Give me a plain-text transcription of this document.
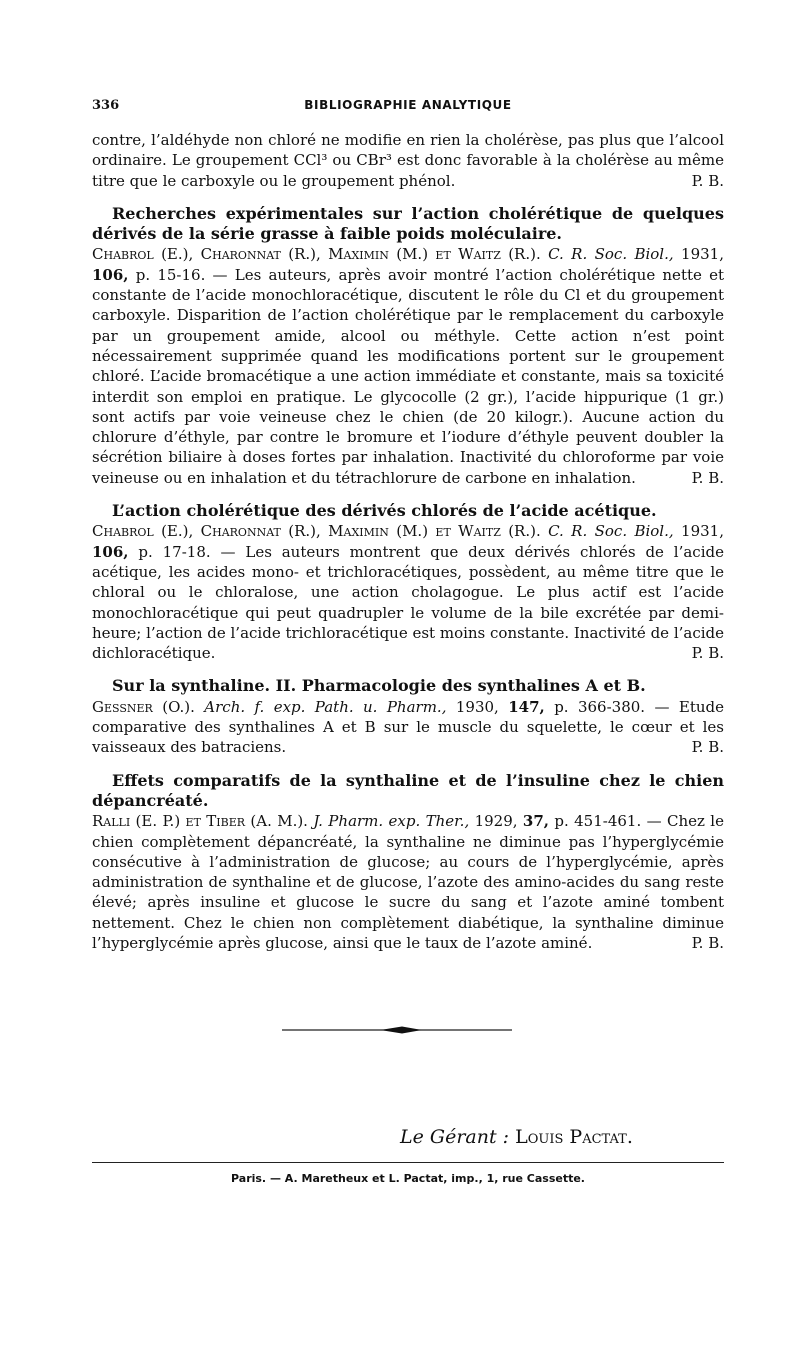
336	BIBLIOGRAPHIE ANALYTIQUE

contre, l’aldéhyde non chloré ne modifie en rien la cholérèse, pas plus que l’alcool ordinaire. Le groupement CCl³ ou CBr³ est donc favorable à la cholérèse au même titre que le carboxyle ou le groupement phénol.	P. B.

Recherches expérimentales sur l’action cholérétique de quelques dérivés de la série grasse à faible poids moléculaire.
Chabrol (E.), Charonnat (R.), Maximin (M.) et Waitz (R.). C. R. Soc. Biol., 1931, 106, p. 15-16. — Les auteurs, après avoir montré l’action cholérétique nette et constante de l’acide monochloracétique, discutent le rôle du Cl et du groupement carboxyle. Disparition de l’action cholérétique par le remplacement du carboxyle par un groupement amide, alcool ou méthyle. Cette action n’est point nécessairement supprimée quand les modifications portent sur le groupement chloré. L’acide bromacétique a une action immédiate et constante, mais sa toxicité interdit son emploi en pratique. Le glycocolle (2 gr.), l’acide hippurique (1 gr.) sont actifs par voie veineuse chez le chien (de 20 kilogr.). Aucune action du chlorure d’éthyle, par contre le bromure et l’iodure d’éthyle peuvent doubler la sécrétion biliaire à doses fortes par inhalation. Inactivité du chloroforme par voie veineuse ou en inhalation et du tétrachlorure de carbone en inhalation.	P. B.

L’action cholérétique des dérivés chlorés de l’acide acétique.
Chabrol (E.), Charonnat (R.), Maximin (M.) et Waitz (R.). C. R. Soc. Biol., 1931, 106, p. 17-18. — Les auteurs montrent que deux dérivés chlorés de l’acide acétique, les acides mono- et trichloracétiques, possèdent, au même titre que le chloral ou le chloralose, une action cholagogue. Le plus actif est l’acide monochloracétique qui peut quadrupler le volume de la bile excrétée par demi-heure; l’action de l’acide trichloracétique est moins constante. Inactivité de l’acide dichloracétique.	P. B.

Sur la synthaline. II. Pharmacologie des synthalines A et B.
Gessner (O.). Arch. f. exp. Path. u. Pharm., 1930, 147, p. 366-380. — Etude comparative des synthalines A et B sur le muscle du squelette, le cœur et les vaisseaux des batraciens.	P. B.

Effets comparatifs de la synthaline et de l’insuline chez le chien dépancréaté.
Ralli (E. P.) et Tiber (A. M.). J. Pharm. exp. Ther., 1929, 37, p. 451-461. — Chez le chien complètement dépancréaté, la synthaline ne diminue pas l’hyperglycémie consécutive à l’administration de glucose; au cours de l’hyperglycémie, après administration de synthaline et de glucose, l’azote des amino-acides du sang reste élevé; après insuline et glucose le sucre du sang et l’azote aminé tombent nettement. Chez le chien non complètement diabétique, la synthaline diminue l’hyperglycémie après glucose, ainsi que le taux de l’azote aminé.	P. B.

Le Gérant : Louis Pactat.
Paris. — A. Maretheux et L. Pactat, imp., 1, rue Cassette.
